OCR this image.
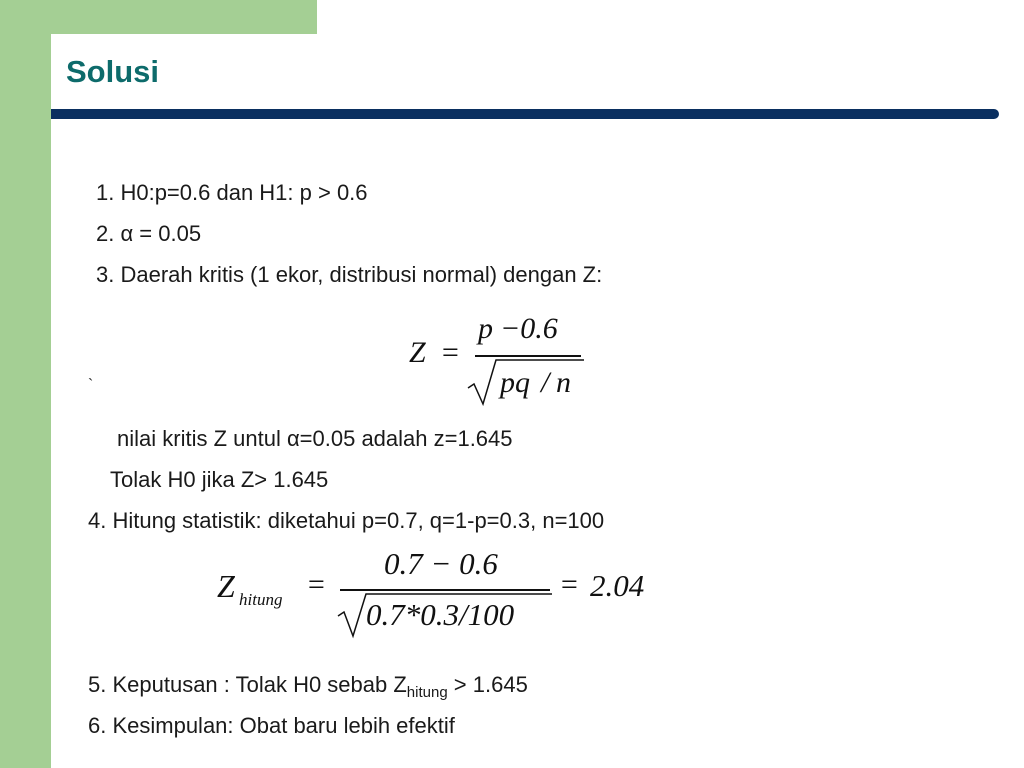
Solusi

1. H0:p=0.6 dan H1: p > 0.6

2. α = 0.05

3. Daerah kritis (1 ekor, distribusi normal) dengan Z:

Z =
p −0.6
pq / n
`

nilai kritis Z untul α=0.05 adalah z=1.645

Tolak H0 jika Z> 1.645

4. Hitung statistik: diketahui p=0.7, q=1-p=0.3, n=100

Z hitung =
0.7 − 0.6
0.7*0.3/100
= 2.04

5. Keputusan : Tolak H0 sebab $Z_{hitung} > 1.645$

6. Kesimpulan: Obat baru lebih efektif
